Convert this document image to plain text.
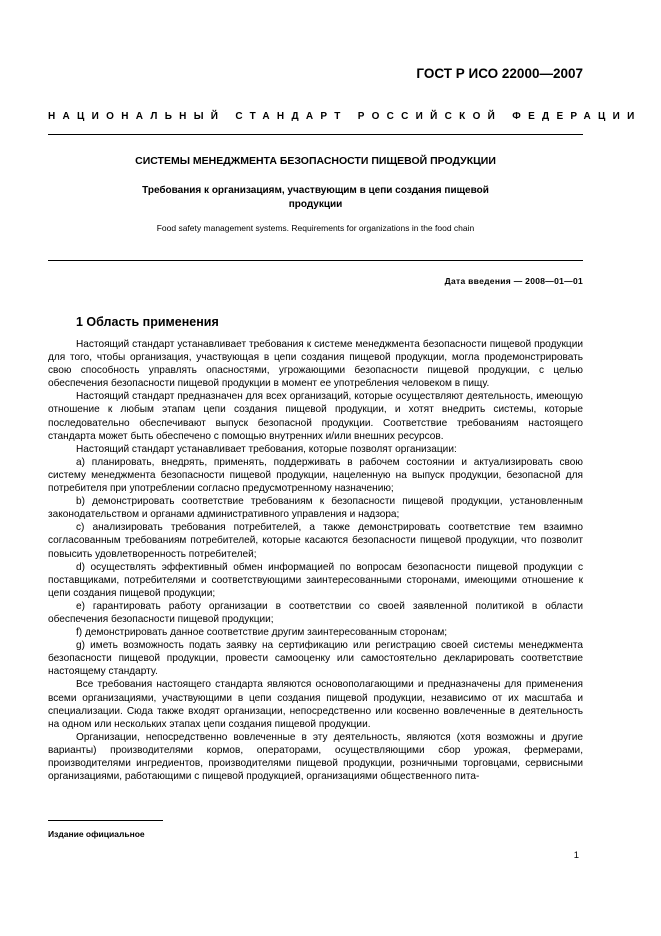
ГОСТ Р ИСО 22000—2007
НАЦИОНАЛЬНЫЙ СТАНДАРТ РОССИЙСКОЙ ФЕДЕРАЦИИ
СИСТЕМЫ МЕНЕДЖМЕНТА БЕЗОПАСНОСТИ ПИЩЕВОЙ ПРОДУКЦИИ
Требования к организациям, участвующим в цепи создания пищевой продукции
Food safety management systems. Requirements for organizations in the food chain
Дата введения — 2008—01—01
1 Область применения

Настоящий стандарт устанавливает требования к системе менеджмента безопасности пищевой продукции для того, чтобы организация, участвующая в цепи создания пищевой продукции, могла продемонстрировать свою способность управлять опасностями, угрожающими безопасности пищевой продукции, с целью обеспечения безопасности пищевой продукции в момент ее употребления человеком в пищу.

Настоящий стандарт предназначен для всех организаций, которые осуществляют деятельность, имеющую отношение к любым этапам цепи создания пищевой продукции, и хотят внедрить системы, которые последовательно обеспечивают выпуск безопасной продукции. Соответствие требованиям настоящего стандарта может быть обеспечено с помощью внутренних и/или внешних ресурсов.

Настоящий стандарт устанавливает требования, которые позволят организации:

а) планировать, внедрять, применять, поддерживать в рабочем состоянии и актуализировать свою систему менеджмента безопасности пищевой продукции, нацеленную на выпуск продукции, безопасной для потребителя при употреблении согласно предусмотренному назначению;

b) демонстрировать соответствие требованиям к безопасности пищевой продукции, установленным законодательством и органами административного управления и надзора;

с) анализировать требования потребителей, а также демонстрировать соответствие тем взаимно согласованным требованиям потребителей, которые касаются безопасности пищевой продукции, что позволит повысить удовлетворенность потребителей;

d) осуществлять эффективный обмен информацией по вопросам безопасности пищевой продукции с поставщиками, потребителями и соответствующими заинтересованными сторонами, имеющими отношение к цепи создания пищевой продукции;

е) гарантировать работу организации в соответствии со своей заявленной политикой в области обеспечения безопасности пищевой продукции;

f) демонстрировать данное соответствие другим заинтересованным сторонам;

g) иметь возможность подать заявку на сертификацию или регистрацию своей системы менеджмента безопасности пищевой продукции, провести самооценку или самостоятельно декларировать соответствие настоящему стандарту.

Все требования настоящего стандарта являются основополагающими и предназначены для применения всеми организациями, участвующими в цепи создания пищевой продукции, независимо от их масштаба и специализации. Сюда также входят организации, непосредственно или косвенно вовлеченные в деятельность на одном или нескольких этапах цепи создания пищевой продукции.

Организации, непосредственно вовлеченные в эту деятельность, являются (хотя возможны и другие варианты) производителями кормов, операторами, осуществляющими сбор урожая, фермерами, производителями ингредиентов, производителями пищевой продукции, розничными торговцами, сервисными организациями, работающими с пищевой продукцией, организациями общественного пита-

Издание официальное
1
